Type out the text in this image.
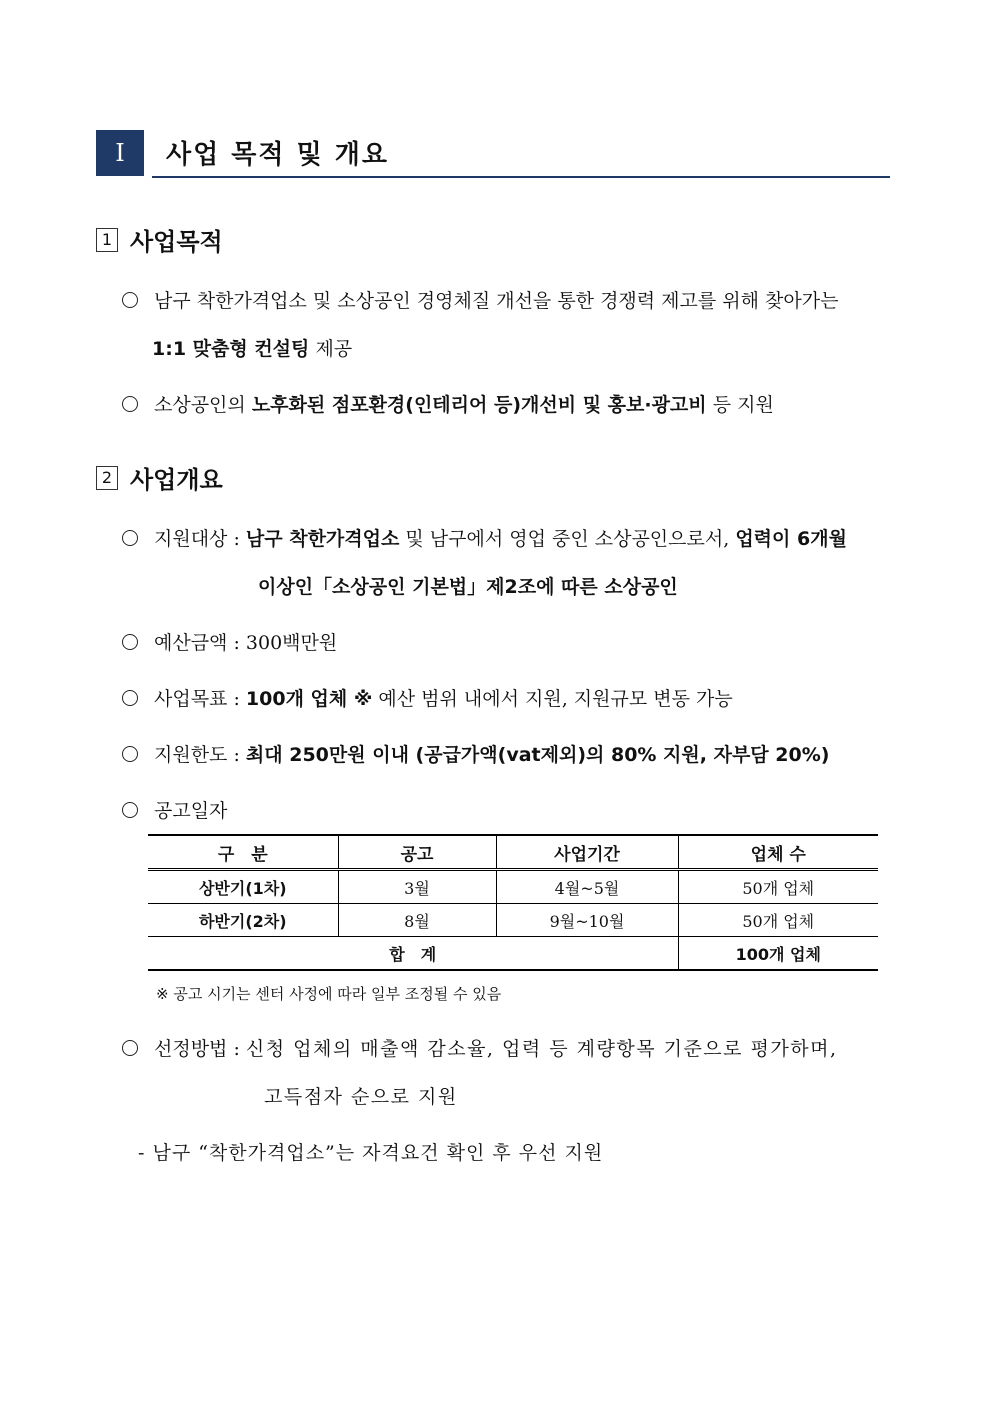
I 사업 목적 및 개요
1 사업목적
남구 착한가격업소 및 소상공인 경영체질 개선을 통한 경쟁력 제고를 위해 찾아가는
1:1 맞춤형 컨설팅 제공
소상공인의 노후화된 점포환경(인테리어 등)개선비 및 홍보·광고비 등 지원
2 사업개요
지원대상 : 남구 착한가격업소 및 남구에서 영업 중인 소상공인으로서, 업력이 6개월
이상인「소상공인 기본법」제2조에 따른 소상공인
예산금액 : 300백만원
사업목표 : 100개 업체 ※ 예산 범위 내에서 지원, 지원규모 변동 가능
지원한도 : 최대 250만원 이내 (공급가액(vat제외)의 80% 지원, 자부담 20%)
공고일자
구　분	공고	사업기간	업체 수
상반기(1차)	3월	4월~5월	50개 업체
하반기(2차)	8월	9월~10월	50개 업체
합　계			100개 업체
※ 공고 시기는 센터 사정에 따라 일부 조정될 수 있음
선정방법 : 신청 업체의 매출액 감소율, 업력 등 계량항목 기준으로 평가하며,
고득점자 순으로 지원
- 남구 “착한가격업소”는 자격요건 확인 후 우선 지원
